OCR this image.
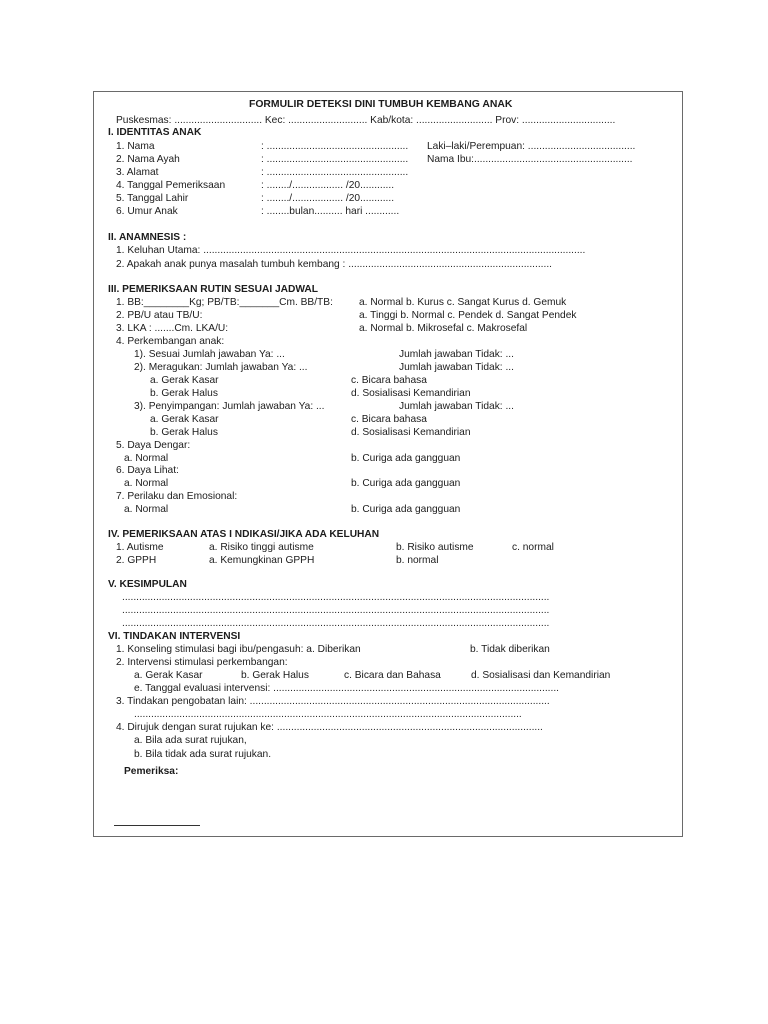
FORMULIR DETEKSI DINI TUMBUH KEMBANG ANAK
Puskesmas: ............................... Kec: ............................ Kab/kota: ........................... Prov: .................................
I. IDENTITAS ANAK
1. Nama	: .................................................. Laki–laki/Perempuan: ......................................
2. Nama Ayah	: .................................................. Nama Ibu:........................................................
3. Alamat	: ..................................................
4. Tanggal Pemeriksaan	: ......../.................. /20............
5. Tanggal Lahir	: ......../.................. /20............
6. Umur Anak	: ........bulan.......... hari ............
II. ANAMNESIS :
1. Keluhan Utama: .......................................................................................................................................
2. Apakah anak punya masalah tumbuh kembang : ........................................................................
III. PEMERIKSAAN RUTIN SESUAI JADWAL
1. BB:________Kg; PB/TB:_______Cm. BB/TB:	a. Normal b. Kurus c. Sangat Kurus d. Gemuk
2. PB/U atau TB/U:	a. Tinggi b. Normal c. Pendek d. Sangat Pendek
3. LKA : .......Cm. LKA/U:	a. Normal b. Mikrosefal c. Makrosefal
4. Perkembangan anak:
1). Sesuai Jumlah jawaban Ya: ...	Jumlah jawaban Tidak: ...
2). Meragukan: Jumlah jawaban Ya: ...	Jumlah jawaban Tidak: ...
a. Gerak Kasar	c. Bicara bahasa
b. Gerak Halus	d. Sosialisasi Kemandirian
3). Penyimpangan: Jumlah jawaban Ya: ...	Jumlah jawaban Tidak: ...
a. Gerak Kasar	c. Bicara bahasa
b. Gerak Halus	d. Sosialisasi Kemandirian
5. Daya Dengar:
a. Normal	b. Curiga ada gangguan
6. Daya Lihat:
a. Normal	b. Curiga ada gangguan
7. Perilaku dan Emosional:
a. Normal	b. Curiga ada gangguan
IV. PEMERIKSAAN ATAS I NDIKASI/JIKA ADA KELUHAN
1. Autisme	a. Risiko tinggi autisme	b. Risiko autisme	c. normal
2. GPPH	a. Kemungkinan GPPH	b. normal
V. KESIMPULAN
.......................................................................................................................................................
.......................................................................................................................................................
.......................................................................................................................................................
VI. TINDAKAN INTERVENSI
1. Konseling stimulasi bagi ibu/pengasuh: a. Diberikan	b. Tidak diberikan
2. Intervensi stimulasi perkembangan:
a. Gerak Kasar	b. Gerak Halus	c. Bicara dan Bahasa	d. Sosialisasi dan Kemandirian
e. Tanggal evaluasi intervensi: .....................................................................................................
3. Tindakan pengobatan lain: ..........................................................................................................
.........................................................................................................................................
4. Dirujuk dengan surat rujukan ke: ..............................................................................................
a. Bila ada surat rujukan,
b. Bila tidak ada surat rujukan.
Pemeriksa:
